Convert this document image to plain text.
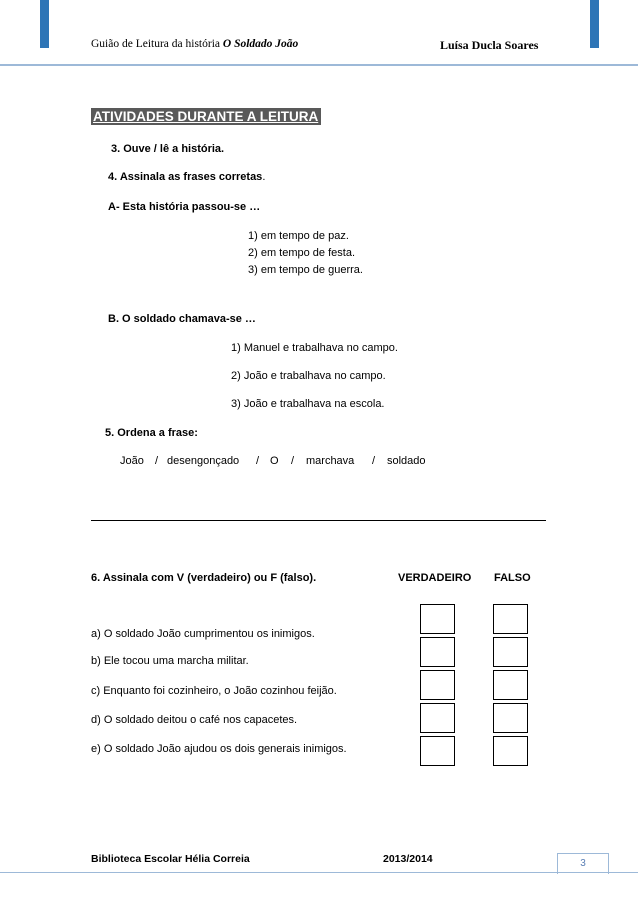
Guião de Leitura da história O Soldado João	Luísa Ducla Soares
ATIVIDADES DURANTE A LEITURA
3. Ouve / lê a história.
4. Assinala as frases corretas.
A- Esta história passou-se …
1) em tempo de paz.
2) em tempo de festa.
3) em tempo de guerra.
B. O soldado chamava-se …
1) Manuel e trabalhava no campo.
2) João e trabalhava no campo.
3) João e trabalhava na escola.
5. Ordena a frase:
João / desengonçado / O / marchava / soldado
6. Assinala com V (verdadeiro) ou F (falso).	VERDADEIRO FALSO
a) O soldado João cumprimentou os inimigos.
b) Ele tocou uma marcha militar.
c) Enquanto foi cozinheiro, o João cozinhou feijão.
d) O soldado deitou o café nos capacetes.
e) O soldado João ajudou os dois generais inimigos.
Biblioteca Escolar Hélia Correia	2013/2014	3
